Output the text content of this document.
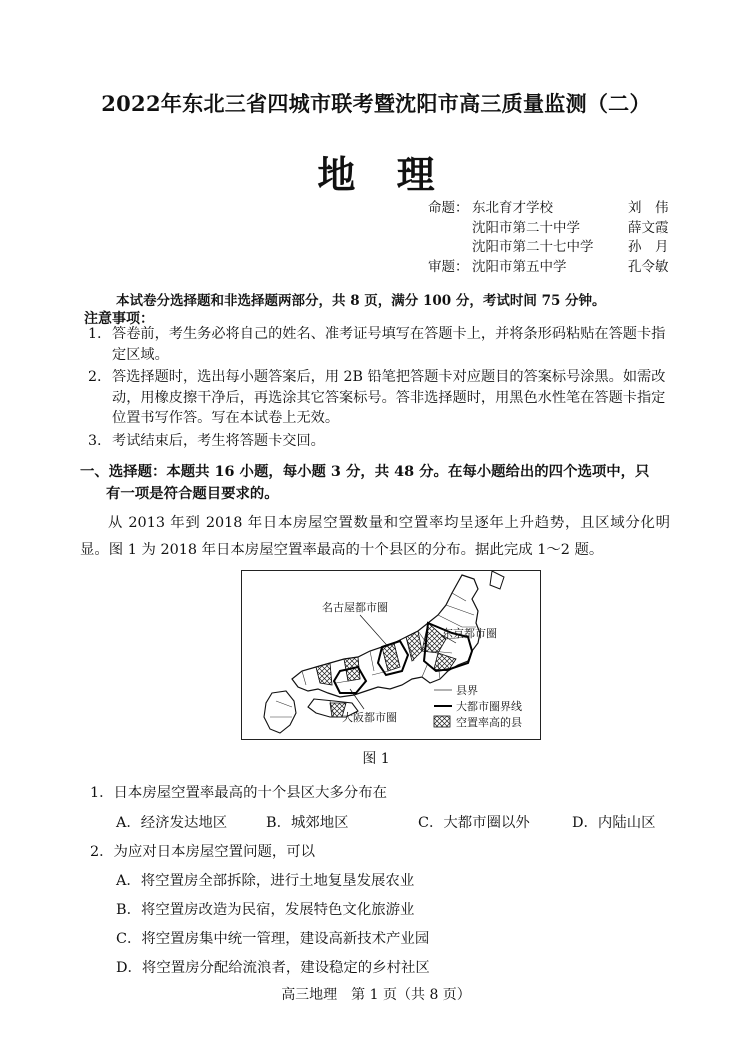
2022年东北三省四城市联考暨沈阳市高三质量监测（二）
地 理
命题： 东北育才学校	刘　伟
沈阳市第二十中学	薛文霞
沈阳市第二十七中学	孙　月
审题： 沈阳市第五中学	孔令敏
本试卷分选择题和非选择题两部分，共 8 页，满分 100 分，考试时间 75 分钟。
注意事项：
1. 答卷前，考生务必将自己的姓名、准考证号填写在答题卡上，并将条形码粘贴在答题卡指定区域。
2. 答选择题时，选出每小题答案后，用 2B 铅笔把答题卡对应题目的答案标号涂黑。如需改动，用橡皮擦干净后，再选涂其它答案标号。答非选择题时，用黑色水性笔在答题卡指定位置书写作答。写在本试卷上无效。
3. 考试结束后，考生将答题卡交回。
一、选择题：本题共 16 小题，每小题 3 分，共 48 分。在每小题给出的四个选项中，只
有一项是符合题目要求的。
从 2013 年到 2018 年日本房屋空置数量和空置率均呈逐年上升趋势，且区域分化明显。图 1 为 2018 年日本房屋空置率最高的十个县区的分布。据此完成 1～2 题。
名古屋都市圈
东京都市圈
大阪都市圈
县界
大都市圈界线
空置率高的县
图 1
1．日本房屋空置率最高的十个县区大多分布在
A．经济发达地区	B．城郊地区	C．大都市圈以外	D．内陆山区
2．为应对日本房屋空置问题，可以
A．将空置房全部拆除，进行土地复垦发展农业
B．将空置房改造为民宿，发展特色文化旅游业
C．将空置房集中统一管理，建设高新技术产业园
D．将空置房分配给流浪者，建设稳定的乡村社区
高三地理　第 1 页（共 8 页）
